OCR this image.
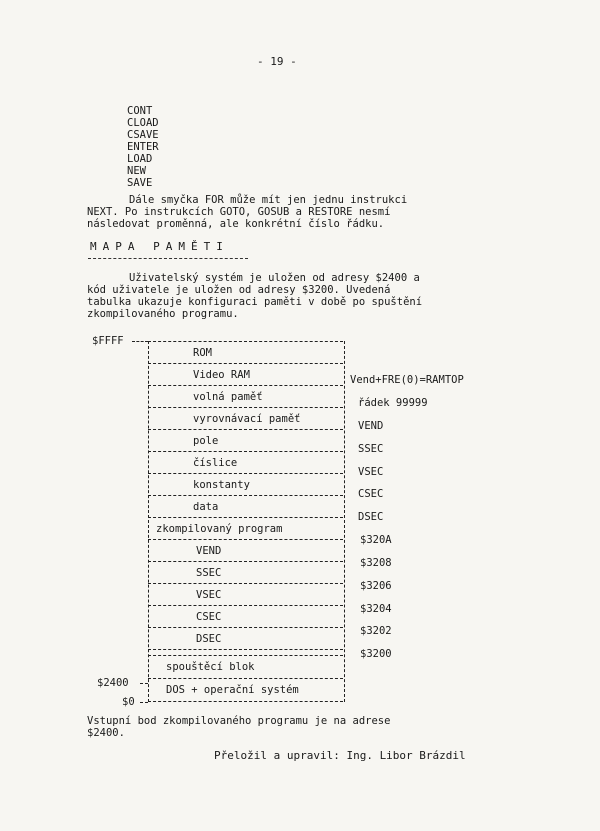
- 19 -
CONT
CLOAD
CSAVE
ENTER
LOAD
NEW
SAVE
Dále smyčka FOR může mít jen jednu instrukci
NEXT. Po instrukcích GOTO, GOSUB a RESTORE nesmí
následovat proměnná, ale konkrétní číslo řádku.
MAPA PAMĚTI
Uživatelský systém je uložen od adresy $2400 a
kód uživatele je uložen od adresy $3200. Uvedená
tabulka ukazuje konfiguraci paměti v době po spuštění
zkompilovaného programu.
$FFFF
ROM
Video RAM
volná paměť
vyrovnávací paměť
pole
číslice
konstanty
data
zkompilovaný program
VEND
SSEC
VSEC
CSEC
DSEC
spouštěcí blok
DOS + operační systém
Vend+FRE(0)=RAMTOP
řádek 99999
VEND
SSEC
VSEC
CSEC
DSEC
$320A
$3208
$3206
$3204
$3202
$3200
$2400
$0
Vstupní bod zkompilovaného programu je na adrese
$2400.
Přeložil a upravil: Ing. Libor Brázdil
